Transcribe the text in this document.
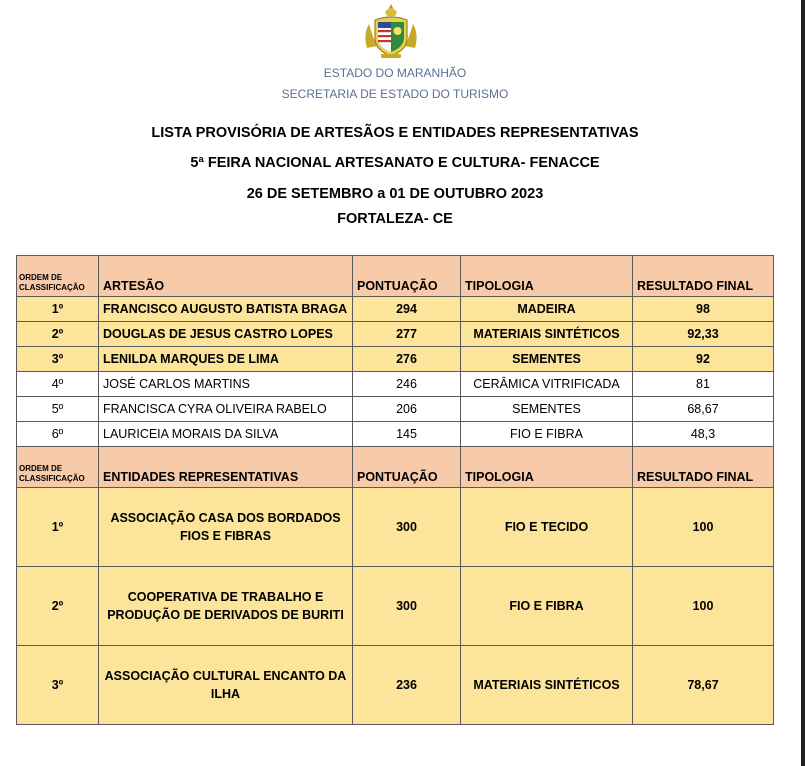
ESTADO DO MARANHÃO
SECRETARIA DE ESTADO DO TURISMO
LISTA PROVISÓRIA DE ARTESÃOS E ENTIDADES REPRESENTATIVAS
5ª FEIRA NACIONAL ARTESANATO E CULTURA- FENACCE
26 DE SETEMBRO a 01 DE OUTUBRO 2023
FORTALEZA- CE
ORDEM DE CLASSIFICAÇÃO	ARTESÃO	PONTUAÇÃO	TIPOLOGIA	RESULTADO FINAL
1º	FRANCISCO AUGUSTO BATISTA BRAGA	294	MADEIRA	98
2º	DOUGLAS DE JESUS CASTRO LOPES	277	MATERIAIS SINTÉTICOS	92,33
3º	LENILDA MARQUES DE LIMA	276	SEMENTES	92
4º	JOSÉ CARLOS MARTINS	246	CERÂMICA VITRIFICADA	81
5º	FRANCISCA CYRA OLIVEIRA RABELO	206	SEMENTES	68,67
6º	LAURICEIA MORAIS DA SILVA	145	FIO E FIBRA	48,3
ORDEM DE CLASSIFICAÇÃO	ENTIDADES REPRESENTATIVAS	PONTUAÇÃO	TIPOLOGIA	RESULTADO FINAL
1º	ASSOCIAÇÃO CASA DOS BORDADOS
FIOS E FIBRAS	300	FIO E TECIDO	100
2º	COOPERATIVA DE TRABALHO E
PRODUÇÃO DE DERIVADOS DE BURITI	300	FIO E FIBRA	100
3º	ASSOCIAÇÃO CULTURAL ENCANTO DA
ILHA	236	MATERIAIS SINTÉTICOS	78,67
